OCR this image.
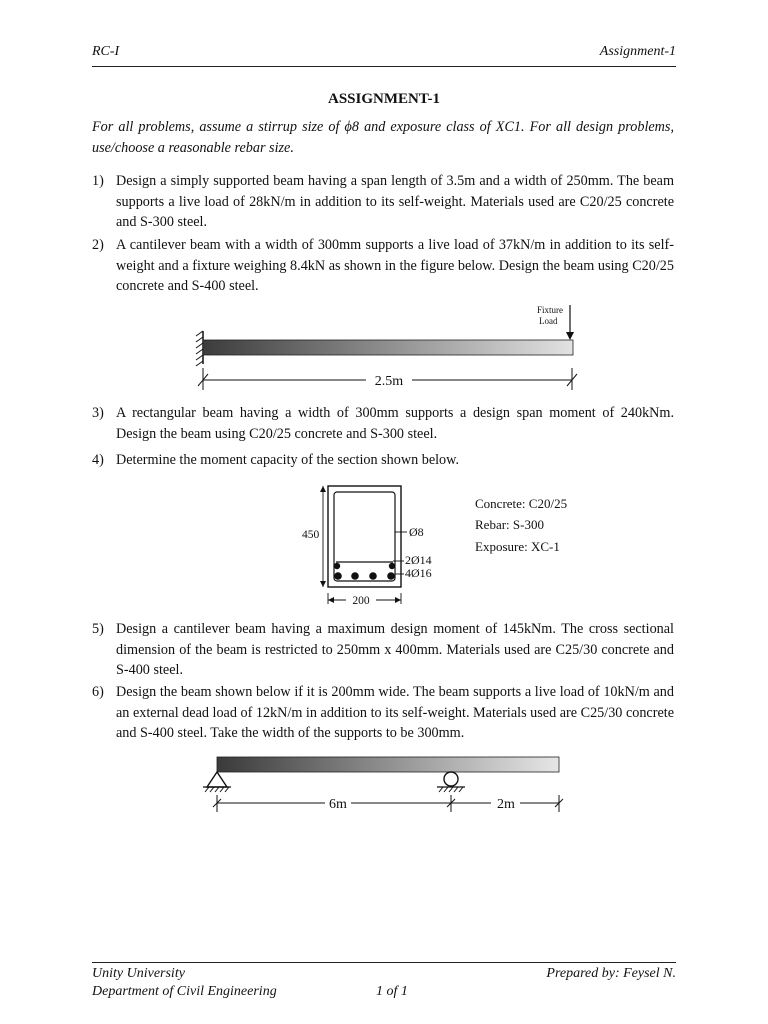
RC-I	Assignment-1
ASSIGNMENT-1
For all problems, assume a stirrup size of ϕ8 and exposure class of XC1. For all design problems, use/choose a reasonable rebar size.
1) Design a simply supported beam having a span length of 3.5m and a width of 250mm. The beam supports a live load of 28kN/m in addition to its self-weight. Materials used are C20/25 concrete and S-300 steel.
2) A cantilever beam with a width of 300mm supports a live load of 37kN/m in addition to its self-weight and a fixture weighing 8.4kN as shown in the figure below. Design the beam using C20/25 concrete and S-400 steel.
Fixture
Load
2.5m
3) A rectangular beam having a width of 300mm supports a design span moment of 240kNm. Design the beam using C20/25 concrete and S-300 steel.
4) Determine the moment capacity of the section shown below.
450
200
Ø8
2Ø14
4Ø16
Concrete: C20/25
Rebar: S-300
Exposure: XC-1
5) Design a cantilever beam having a maximum design moment of 145kNm. The cross sectional dimension of the beam is restricted to 250mm x 400mm. Materials used are C25/30 concrete and S-400 steel.
6) Design the beam shown below if it is 200mm wide. The beam supports a live load of 10kN/m and an external dead load of 12kN/m in addition to its self-weight. Materials used are C25/30 concrete and S-400 steel. Take the width of the supports to be 300mm.
6m	2m
Unity University
Department of Civil Engineering	1 of 1
Prepared by: Feysel N.
